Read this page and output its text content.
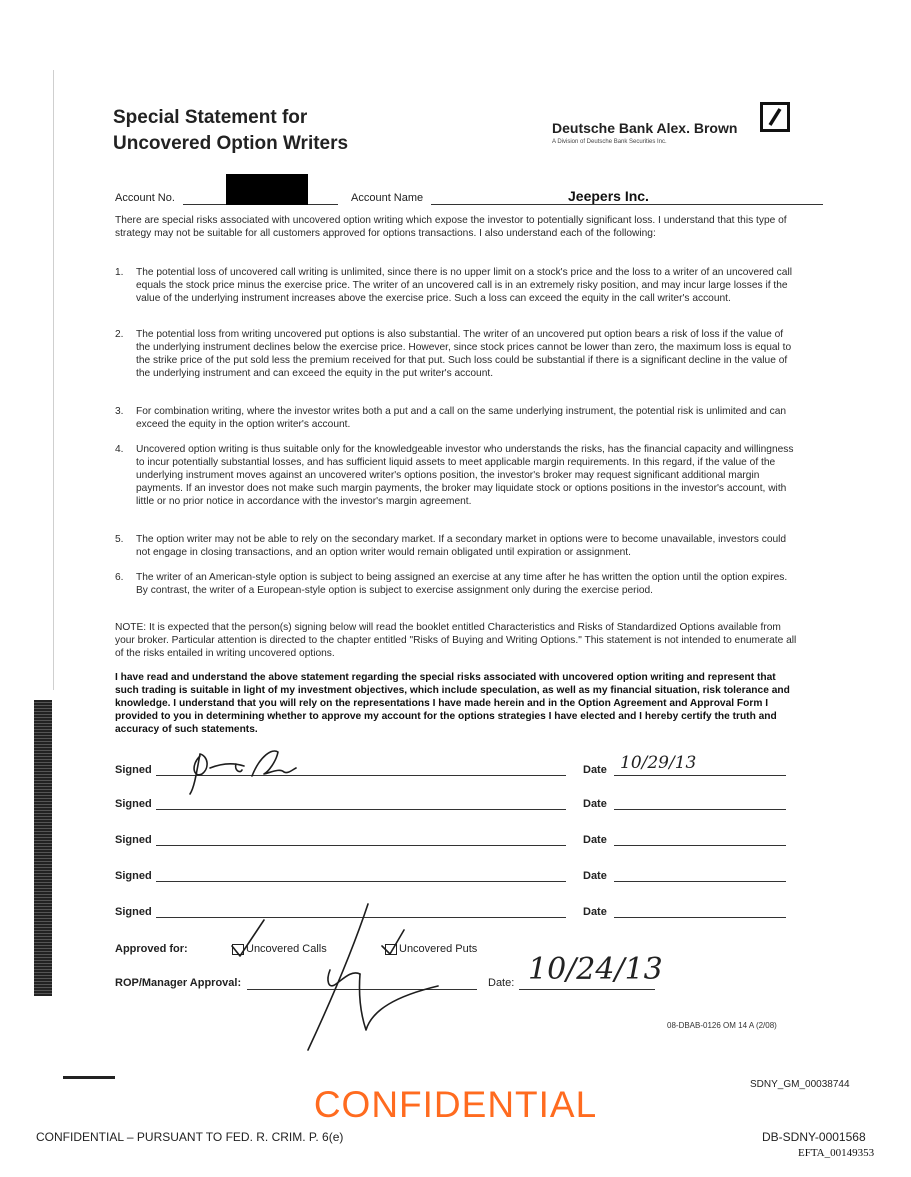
Special Statement for
Uncovered Option Writers
Deutsche Bank Alex. Brown
A Division of Deutsche Bank Securities Inc.
Account No.	Account Name	Jeepers Inc.
There are special risks associated with uncovered option writing which expose the investor to potentially significant loss. I understand that this type of strategy may not be suitable for all customers approved for options transactions. I also understand each of the following:
1.	The potential loss of uncovered call writing is unlimited, since there is no upper limit on a stock's price and the loss to a writer of an uncovered call equals the stock price minus the exercise price. The writer of an uncovered call is in an extremely risky position, and may incur large losses if the value of the underlying instrument increases above the exercise price. Such a loss can exceed the equity in the call writer's account.
2.	The potential loss from writing uncovered put options is also substantial. The writer of an uncovered put option bears a risk of loss if the value of the underlying instrument declines below the exercise price. However, since stock prices cannot be lower than zero, the maximum loss is equal to the strike price of the put sold less the premium received for that put. Such loss could be substantial if there is a significant decline in the value of the underlying instrument and can exceed the equity in the put writer's account.
3.	For combination writing, where the investor writes both a put and a call on the same underlying instrument, the potential risk is unlimited and can exceed the equity in the option writer's account.
4.	Uncovered option writing is thus suitable only for the knowledgeable investor who understands the risks, has the financial capacity and willingness to incur potentially substantial losses, and has sufficient liquid assets to meet applicable margin requirements. In this regard, if the value of the underlying instrument moves against an uncovered writer's options position, the investor's broker may request significant additional margin payments. If an investor does not make such margin payments, the broker may liquidate stock or options positions in the investor's account, with little or no prior notice in accordance with the investor's margin agreement.
5.	The option writer may not be able to rely on the secondary market. If a secondary market in options were to become unavailable, investors could not engage in closing transactions, and an option writer would remain obligated until expiration or assignment.
6.	The writer of an American-style option is subject to being assigned an exercise at any time after he has written the option until the option expires. By contrast, the writer of a European-style option is subject to exercise assignment only during the exercise period.
NOTE: It is expected that the person(s) signing below will read the booklet entitled Characteristics and Risks of Standardized Options available from your broker. Particular attention is directed to the chapter entitled "Risks of Buying and Writing Options." This statement is not intended to enumerate all of the risks entailed in writing uncovered options.
I have read and understand the above statement regarding the special risks associated with uncovered option writing and represent that such trading is suitable in light of my investment objectives, which include speculation, as well as my financial situation, risk tolerance and knowledge. I understand that you will rely on the representations I have made herein and in the Option Agreement and Approval Form I provided to you in determining whether to approve my account for the options strategies I have elected and I hereby certify the truth and accuracy of such statements.
Signed	Date 10/29/13
Signed	Date
Signed	Date
Signed	Date
Signed	Date
Approved for:	Uncovered Calls	Uncovered Puts
ROP/Manager Approval:	Date: 10/24/13
08-DBAB-0126 OM 14 A (2/08)
SDNY_GM_00038744
CONFIDENTIAL
CONFIDENTIAL – PURSUANT TO FED. R. CRIM. P. 6(e)	DB-SDNY-0001568
EFTA_00149353
